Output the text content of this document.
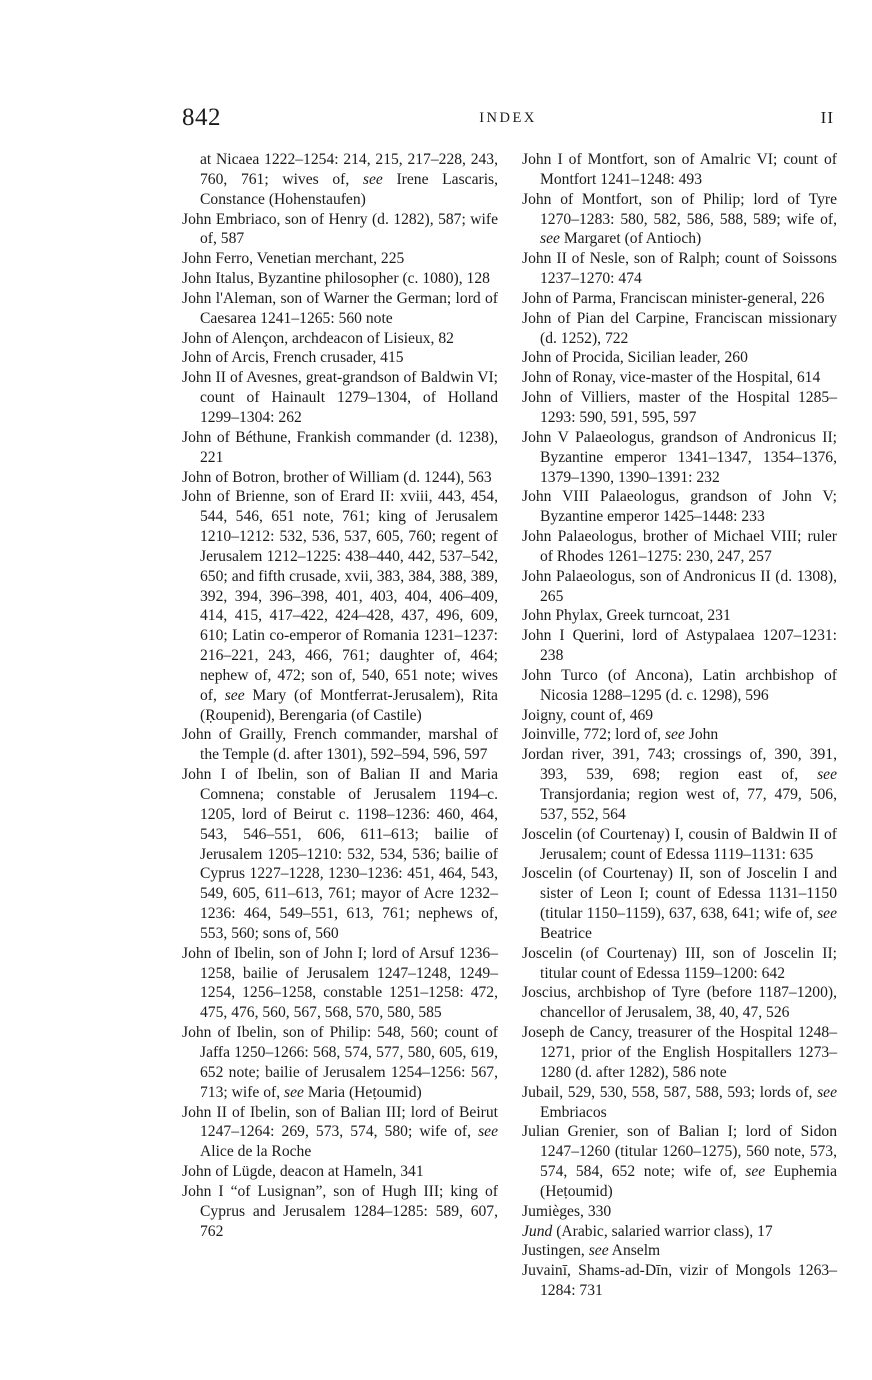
842	INDEX	II

at Nicaea 1222–1254: 214, 215, 217–228, 243, 760, 761; wives of, see Irene Lascaris, Constance (Hohenstaufen)

John Embriaco, son of Henry (d. 1282), 587; wife of, 587

John Ferro, Venetian merchant, 225

John Italus, Byzantine philosopher (c. 1080), 128

John l'Aleman, son of Warner the German; lord of Caesarea 1241–1265: 560 note

John of Alençon, archdeacon of Lisieux, 82

John of Arcis, French crusader, 415

John II of Avesnes, great-grandson of Baldwin VI; count of Hainault 1279–1304, of Holland 1299–1304: 262

John of Béthune, Frankish commander (d. 1238), 221

John of Botron, brother of William (d. 1244), 563

John of Brienne, son of Erard II: xviii, 443, 454, 544, 546, 651 note, 761; king of Jerusalem 1210–1212: 532, 536, 537, 605, 760; regent of Jerusalem 1212–1225: 438–440, 442, 537–542, 650; and fifth crusade, xvii, 383, 384, 388, 389, 392, 394, 396–398, 401, 403, 404, 406–409, 414, 415, 417–422, 424–428, 437, 496, 609, 610; Latin co-emperor of Romania 1231–1237: 216–221, 243, 466, 761; daughter of, 464; nephew of, 472; son of, 540, 651 note; wives of, see Mary (of Montferrat-Jerusalem), Rita (Ṛoupenid), Berengaria (of Castile)

John of Grailly, French commander, marshal of the Temple (d. after 1301), 592–594, 596, 597

John I of Ibelin, son of Balian II and Maria Comnena; constable of Jerusalem 1194–c. 1205, lord of Beirut c. 1198–1236: 460, 464, 543, 546–551, 606, 611–613; bailie of Jerusalem 1205–1210: 532, 534, 536; bailie of Cyprus 1227–1228, 1230–1236: 451, 464, 543, 549, 605, 611–613, 761; mayor of Acre 1232–1236: 464, 549–551, 613, 761; nephews of, 553, 560; sons of, 560

John of Ibelin, son of John I; lord of Arsuf 1236–1258, bailie of Jerusalem 1247–1248, 1249–1254, 1256–1258, constable 1251–1258: 472, 475, 476, 560, 567, 568, 570, 580, 585

John of Ibelin, son of Philip: 548, 560; count of Jaffa 1250–1266: 568, 574, 577, 580, 605, 619, 652 note; bailie of Jerusalem 1254–1256: 567, 713; wife of, see Maria (Heṭoumid)

John II of Ibelin, son of Balian III; lord of Beirut 1247–1264: 269, 573, 574, 580; wife of, see Alice de la Roche

John of Lügde, deacon at Hameln, 341

John I “of Lusignan”, son of Hugh III; king of Cyprus and Jerusalem 1284–1285: 589, 607, 762

John I of Montfort, son of Amalric VI; count of Montfort 1241–1248: 493

John of Montfort, son of Philip; lord of Tyre 1270–1283: 580, 582, 586, 588, 589; wife of, see Margaret (of Antioch)

John II of Nesle, son of Ralph; count of Soissons 1237–1270: 474

John of Parma, Franciscan minister-general, 226

John of Pian del Carpine, Franciscan missionary (d. 1252), 722

John of Procida, Sicilian leader, 260

John of Ronay, vice-master of the Hospital, 614

John of Villiers, master of the Hospital 1285–1293: 590, 591, 595, 597

John V Palaeologus, grandson of Andronicus II; Byzantine emperor 1341–1347, 1354–1376, 1379–1390, 1390–1391: 232

John VIII Palaeologus, grandson of John V; Byzantine emperor 1425–1448: 233

John Palaeologus, brother of Michael VIII; ruler of Rhodes 1261–1275: 230, 247, 257

John Palaeologus, son of Andronicus II (d. 1308), 265

John Phylax, Greek turncoat, 231

John I Querini, lord of Astypalaea 1207–1231: 238

John Turco (of Ancona), Latin archbishop of Nicosia 1288–1295 (d. c. 1298), 596

Joigny, count of, 469

Joinville, 772; lord of, see John

Jordan river, 391, 743; crossings of, 390, 391, 393, 539, 698; region east of, see Transjordania; region west of, 77, 479, 506, 537, 552, 564

Joscelin (of Courtenay) I, cousin of Baldwin II of Jerusalem; count of Edessa 1119–1131: 635

Joscelin (of Courtenay) II, son of Joscelin I and sister of Leon I; count of Edessa 1131–1150 (titular 1150–1159), 637, 638, 641; wife of, see Beatrice

Joscelin (of Courtenay) III, son of Joscelin II; titular count of Edessa 1159–1200: 642

Joscius, archbishop of Tyre (before 1187–1200), chancellor of Jerusalem, 38, 40, 47, 526

Joseph de Cancy, treasurer of the Hospital 1248–1271, prior of the English Hospitallers 1273–1280 (d. after 1282), 586 note

Jubail, 529, 530, 558, 587, 588, 593; lords of, see Embriacos

Julian Grenier, son of Balian I; lord of Sidon 1247–1260 (titular 1260–1275), 560 note, 573, 574, 584, 652 note; wife of, see Euphemia (Heṭoumid)

Jumièges, 330

Jund (Arabic, salaried warrior class), 17

Justingen, see Anselm

Juvainī, Shams-ad-Dīn, vizir of Mongols 1263–1284: 731
